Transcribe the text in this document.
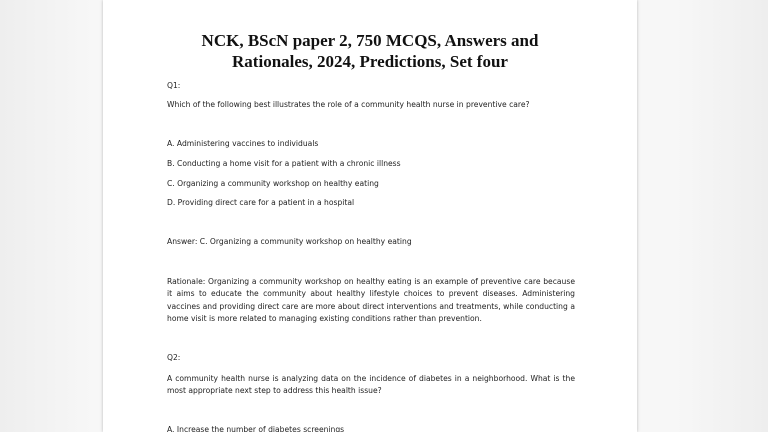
NCK, BScN paper 2, 750 MCQS, Answers and
Rationales, 2024, Predictions, Set four

Q1:

Which of the following best illustrates the role of a community health nurse in preventive care?

A. Administering vaccines to individuals

B. Conducting a home visit for a patient with a chronic illness

C. Organizing a community workshop on healthy eating

D. Providing direct care for a patient in a hospital

Answer: C. Organizing a community workshop on healthy eating

Rationale: Organizing a community workshop on healthy eating is an example of preventive care because it aims to educate the community about healthy lifestyle choices to prevent diseases. Administering vaccines and providing direct care are more about direct interventions and treatments, while conducting a home visit is more related to managing existing conditions rather than prevention.

Q2:

A community health nurse is analyzing data on the incidence of diabetes in a neighborhood. What is the most appropriate next step to address this health issue?

A. Increase the number of diabetes screenings
